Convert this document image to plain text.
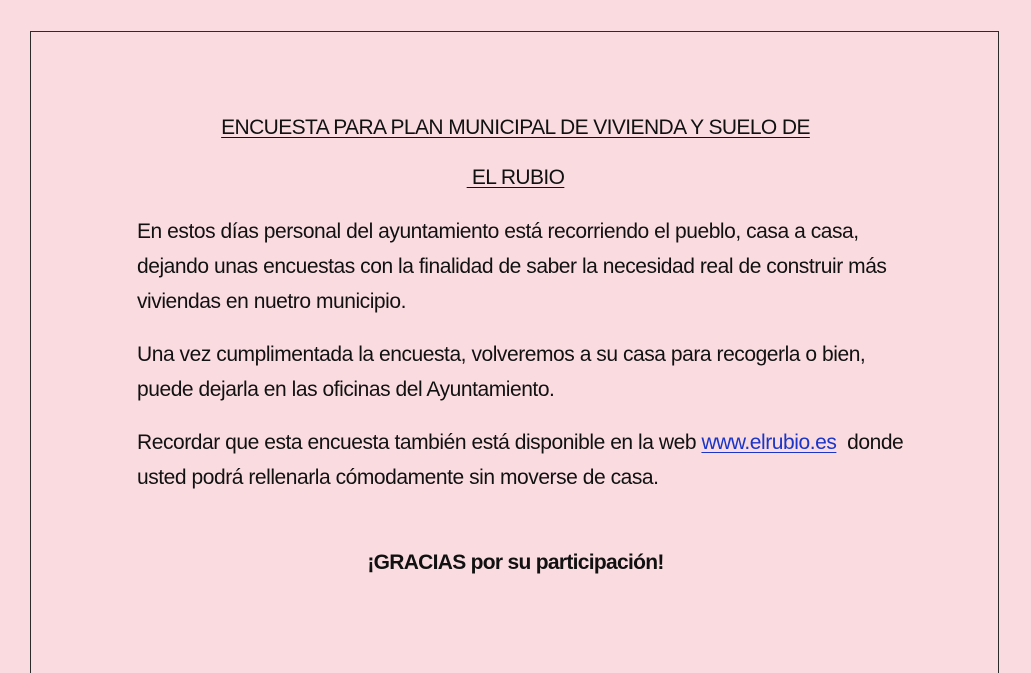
ENCUESTA PARA PLAN MUNICIPAL DE VIVIENDA Y SUELO DE
EL RUBIO

En estos días personal del ayuntamiento está recorriendo el pueblo, casa a casa, dejando unas encuestas con la finalidad de saber la necesidad real de construir más viviendas en nuetro municipio.

Una vez cumplimentada la encuesta, volveremos a su casa para recogerla o bien, puede dejarla en las oficinas del Ayuntamiento.

Recordar que esta encuesta también está disponible en la web www.elrubio.es  donde usted podrá rellenarla cómodamente sin moverse de casa.

¡GRACIAS por su participación!
